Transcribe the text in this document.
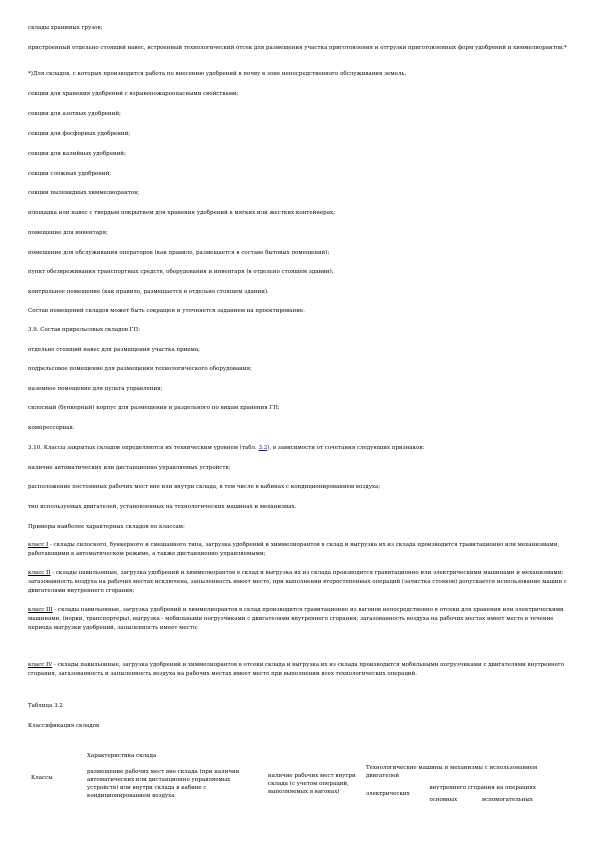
склады хранимых грузов;
пристроенный отдельно стоящий навес, встроенный технологический отсек для размещения участка приготовления и отгрузки приготовленных форм удобрений и химмелиорантов;*
*)Для складов, с которых производится работа по внесению удобрений в почву в зоне непосредственного обслуживания земель.
секции для хранения удобрений с взрывопожароопасными свойствами;
секции для азотных удобрений;
секции для фосфорных удобрений;
секции для калийных удобрений;
секции сложных удобрений;
секции пылевидных химмелиорантов;
площадка или навес с твердым покрытием для хранения удобрений в мягких или жестких контейнерах;
помещение для инвентаря;
помещение для обслуживания операторов (как правило, размещается в составе бытовых помещений);
пункт обезвреживания транспортных средств, оборудования и инвентаря (в отдельно стоящем здании);
контрольное помещение (как правило, размещается в отдельно стоящем здании).
Состав помещений складов может быть сокращен и уточняется заданием на проектирование.
3.9. Состав прирельсовых складов ГП:
отдельно стоящий навес для размещения участка приема;
подрельсовое помещение для размещения технологического оборудования;
наземное помещение для пульта управления;
силосный (бункерный) корпус для размещения и раздельного по видам хранения ГП;
компрессорная.
3.10. Классы закрытых складов определяются их техническим уровнем (табл. 3.2), в зависимости от сочетания следующих признаков:
наличие автоматических или дистанционно управляемых устройств;
расположение постоянных рабочих мест вне или внутри склада, в том числе в кабинах с кондиционированием воздуха;
тип используемых двигателей, установленных на технологических машинах и механизмах.
Примеры наиболее характерных складов по классам:
класс I - склады силосного, бункерного и смешанного типа, загрузка удобрений и химмелиорантов в склад и выгрузка их из склада производится гравитационно или механизмами, работающими в автоматическом режиме, а также дистанционно управляемыми;
класс II - склады павильонные, загрузка удобрений и химмелиорантов в склад и выгрузка их из склада производится гравитационно или электрическими машинами и механизмами; загазованность воздуха на рабочих местах исключена, запыленность имеет место, при выполнении второстепенных операций (зачистка стояков) допускается использование машин с двигателями внутреннего сгорания;
класс III - склады павильонные, загрузка удобрений и химмелиорантов в склад производится гравитационно из вагонов непосредственно в отсеки для хранения или электрическими машинами, (норки, транспортеры), выгрузка - мобильными погрузчиками с двигателями внутреннего сгорания; загазованность воздуха на рабочих местах имеет место в течение периода выгрузки удобрений, запыленность имеет место;
класс IV - склады павильонные, загрузка удобрений и химмелиорантов в отсеки склада и выгрузка их из склада производится мобильными погрузчиками с двигателями внутреннего сгорания, загазованность и запыленность воздуха на рабочих местах имеет место при выполнении всех технологических операций.
Таблица 3.2
Классификация складов
Классы	Характеристика склада				
	размещение рабочих мест вне склада (при наличии автоматических или дистанционно управляемых устройств) или внутри склада в кабине с кондиционированием воздуха	наличие рабочих мест внутри склада (с учетом операций, выполняемых в вагонах)	Технологические машины и механизмы с использованием двигателей		
			электрических	внутреннего сгорания на операциях	
				основных	вспомогательных
